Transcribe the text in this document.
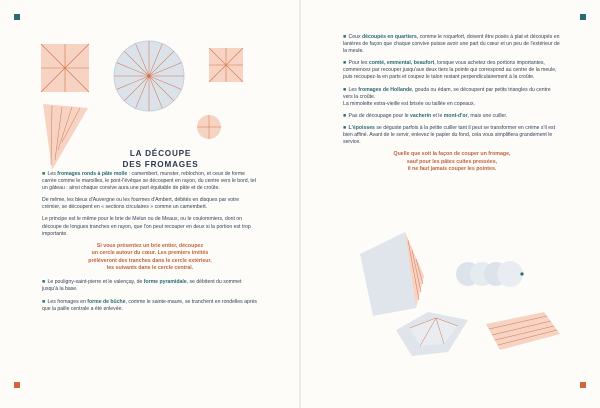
LA DÉCOUPE
DES FROMAGES

■ Les fromages ronds à pâte molle : camembert, munster, reblochon, et ceux de forme carrée comme le maroilles, le pont-l'évêque se découpent en rayon, du centre vers le bord, tel un gâteau : ainsi chaque convive aura une part équitable de pâte et de croûte.

De même, les bleus d'Auvergne ou les fourmes d'Ambert, débités en disques par votre crémier, se découpent en « sections circulaires » comme un camembert.

Le principe est le même pour le brie de Melun ou de Meaux, ou le coulommiers, dont on découpe de longues tranches en rayon, que l'on peut recouper en deux si la portion est trop importante.

Si vous présentez un brie entier, découpez
un cercle autour du cœur. Les premiers invités
prélèveront des tranches dans le cercle extérieur,
les suivants dans le cercle central.

■ Le pouligny-saint-pierre et le valençay, de forme pyramidale, se débitent du sommet jusqu'à la base.

■ Les fromages en forme de bûche, comme le sainte-maure, se tranchent en rondelles après que la paille centrale a été enlevée.

■ Ceux découpés en quartiers, comme le roquefort, doivent être posés à plat et découpés en lanières de façon que chaque convive puisse avoir une part du cœur et un peu de l'extérieur de la meule.

■ Pour les comté, emmental, beaufort, lorsque vous achetez des portions importantes, commencez par recouper jusqu'aux deux tiers la pointe qui correspond au centre de la meule, puis recoupez-la en parts et coupez le talon restant perpendiculairement à la croûte.

■ Les fromages de Hollande, gouda ou édam, se découpent par petits triangles du centre vers la croûte.
La mimolette extra-vieille est brisée ou taillée en copeaux.

■ Pas de découpage pour le vacherin et le mont-d'or, mais une cuiller.

■ L'époisses se déguste parfois à la petite cuiller tant il peut se transformer en crème s'il est bien affiné. Avant de le servir, enlevez le papier du fond, cela vous simplifiera grandement le service.

Quelle que soit la façon de couper un fromage,
sauf pour les pâtes cuites pressées,
il ne faut jamais couper les pointes.
